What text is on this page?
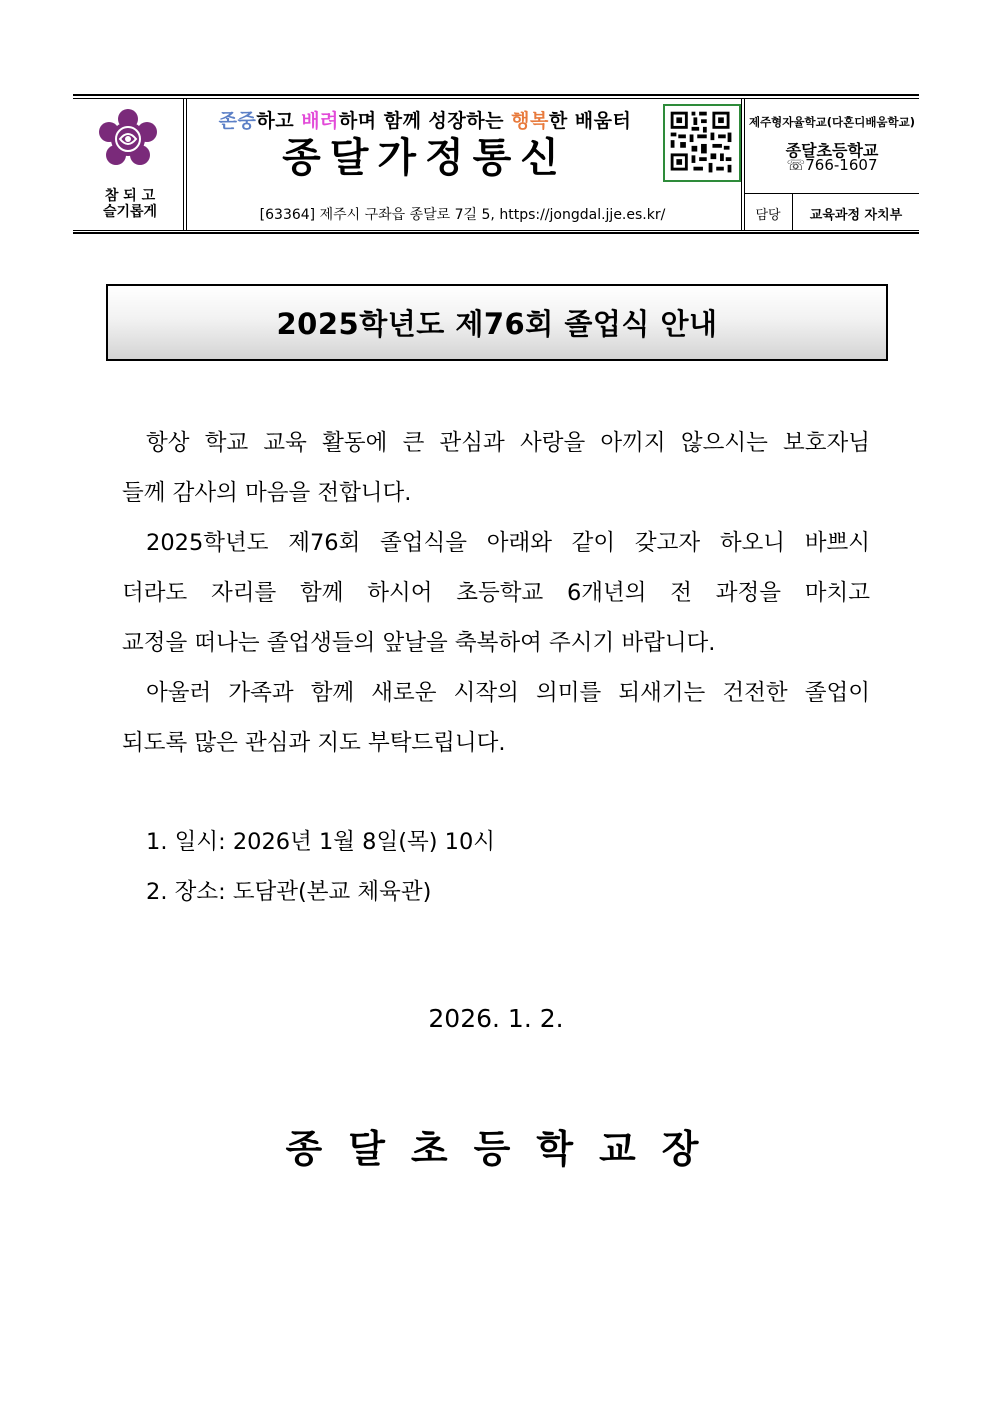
참 되 고
슬기롭게
존중하고 배려하며 함께 성장하는 행복한 배움터
종달가정통신
[63364] 제주시 구좌읍 종달로 7길 5, https://jongdal.jje.es.kr/
제주형자율학교(다혼디배움학교)
종달초등학교
☏766-1607
담당	교육과정 자치부
2025학년도 제76회 졸업식 안내
항상 학교 교육 활동에 큰 관심과 사랑을 아끼지 않으시는 보호자님
들께 감사의 마음을 전합니다.
2025학년도 제76회 졸업식을 아래와 같이 갖고자 하오니 바쁘시
더라도 자리를 함께 하시어 초등학교 6개년의 전 과정을 마치고
교정을 떠나는 졸업생들의 앞날을 축복하여 주시기 바랍니다.
아울러 가족과 함께 새로운 시작의 의미를 되새기는 건전한 졸업이
되도록 많은 관심과 지도 부탁드립니다.
1. 일시: 2026년 1월 8일(목) 10시
2. 장소: 도담관(본교 체육관)
2026. 1. 2.
종달초등학교장
